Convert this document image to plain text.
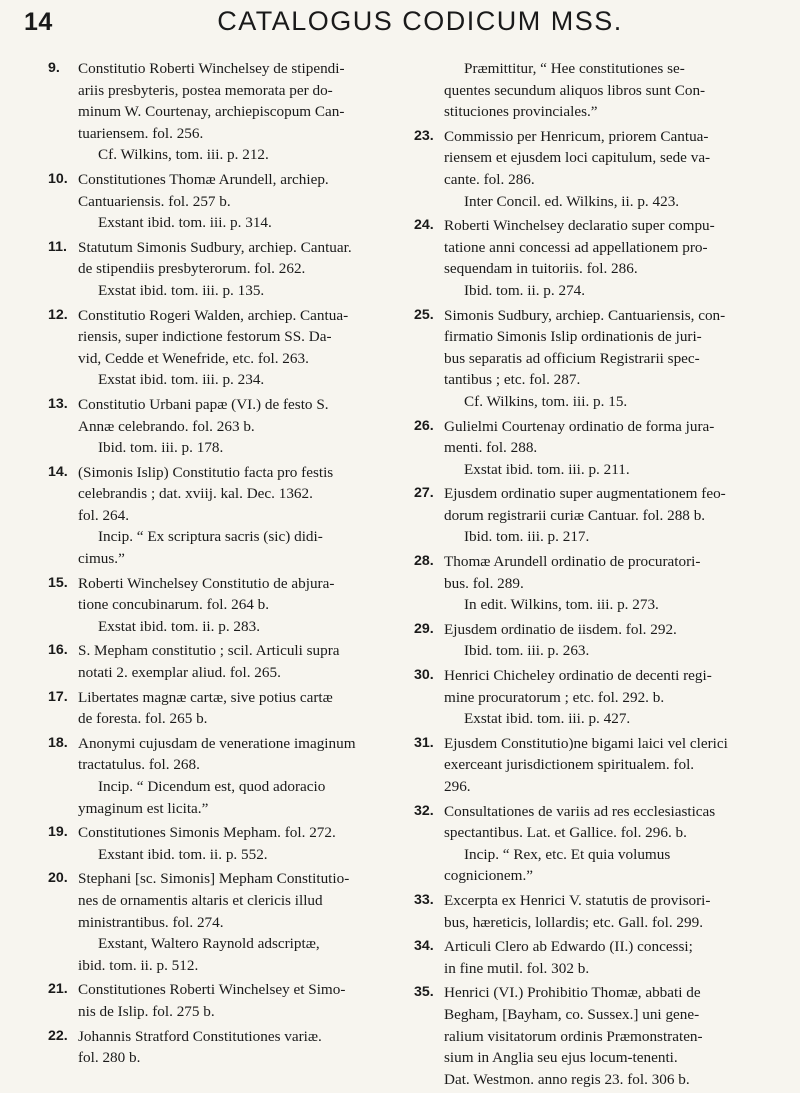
14	CATALOGUS CODICUM MSS.
9.	Constitutio Roberti Winchelsey de stipendi-
ariis presbyteris, postea memorata per do-
minum W. Courtenay, archiepiscopum Can-
tuariensem. fol. 256.
Cf. Wilkins, tom. iii. p. 212.
10. Constitutiones Thomæ Arundell, archiep.
Cantuariensis. fol. 257 b.
Exstant ibid. tom. iii. p. 314.
11. Statutum Simonis Sudbury, archiep. Cantuar.
de stipendiis presbyterorum. fol. 262.
Exstat ibid. tom. iii. p. 135.
12. Constitutio Rogeri Walden, archiep. Cantua-
riensis, super indictione festorum SS. Da-
vid, Cedde et Wenefride, etc. fol. 263.
Exstat ibid. tom. iii. p. 234.
13. Constitutio Urbani papæ (VI.) de festo S.
Annæ celebrando. fol. 263 b.
Ibid. tom. iii. p. 178.
14. (Simonis Islip) Constitutio facta pro festis
celebrandis ; dat. xviij. kal. Dec. 1362.
fol. 264.
Incip. “ Ex scriptura sacris (sic) didi-
cimus.”
15. Roberti Winchelsey Constitutio de abjura-
tione concubinarum. fol. 264 b.
Exstat ibid. tom. ii. p. 283.
16. S. Mepham constitutio ; scil. Articuli supra
notati 2. exemplar aliud. fol. 265.
17. Libertates magnæ cartæ, sive potius cartæ
de foresta. fol. 265 b.
18. Anonymi cujusdam de veneratione imaginum
tractatulus. fol. 268.
Incip. “ Dicendum est, quod adoracio
ymaginum est licita.”
19. Constitutiones Simonis Mepham. fol. 272.
Exstant ibid. tom. ii. p. 552.
20. Stephani [sc. Simonis] Mepham Constitutio-
nes de ornamentis altaris et clericis illud
ministrantibus. fol. 274.
Exstant, Waltero Raynold adscriptæ,
ibid. tom. ii. p. 512.
21. Constitutiones Roberti Winchelsey et Simo-
nis de Islip. fol. 275 b.
22. Johannis Stratford Constitutiones variæ.
fol. 280 b.
Præmittitur, “ Hee constitutiones se-
quentes secundum aliquos libros sunt Con-
stituciones provinciales.”
23. Commissio per Henricum, priorem Cantua-
riensem et ejusdem loci capitulum, sede va-
cante. fol. 286.
Inter Concil. ed. Wilkins, ii. p. 423.
24. Roberti Winchelsey declaratio super compu-
tatione anni concessi ad appellationem pro-
sequendam in tuitoriis. fol. 286.
Ibid. tom. ii. p. 274.
25. Simonis Sudbury, archiep. Cantuariensis, con-
firmatio Simonis Islip ordinationis de juri-
bus separatis ad officium Registrarii spec-
tantibus ; etc. fol. 287.
Cf. Wilkins, tom. iii. p. 15.
26. Gulielmi Courtenay ordinatio de forma jura-
menti. fol. 288.
Exstat ibid. tom. iii. p. 211.
27. Ejusdem ordinatio super augmentationem feo-
dorum registrarii curiæ Cantuar. fol. 288 b.
Ibid. tom. iii. p. 217.
28. Thomæ Arundell ordinatio de procuratori-
bus. fol. 289.
In edit. Wilkins, tom. iii. p. 273.
29. Ejusdem ordinatio de iisdem. fol. 292.
Ibid. tom. iii. p. 263.
30. Henrici Chicheley ordinatio de decenti regi-
mine procuratorum ; etc. fol. 292. b.
Exstat ibid. tom. iii. p. 427.
31. Ejusdem Constitutio)ne bigami laici vel clerici
exerceant jurisdictionem spiritualem. fol.
296.
32. Consultationes de variis ad res ecclesiasticas
spectantibus. Lat. et Gallice. fol. 296. b.
Incip. “ Rex, etc. Et quia volumus
cognicionem.”
33. Excerpta ex Henrici V. statutis de provisori-
bus, hæreticis, lollardis; etc. Gall. fol. 299.
34. Articuli Clero ab Edwardo (II.) concessi;
in fine mutil. fol. 302 b.
35. Henrici (VI.) Prohibitio Thomæ, abbati de
Begham, [Bayham, co. Sussex.] uni gene-
ralium visitatorum ordinis Præmonstraten-
sium in Anglia seu ejus locum-tenenti.
Dat. Westmon. anno regis 23. fol. 306 b.
